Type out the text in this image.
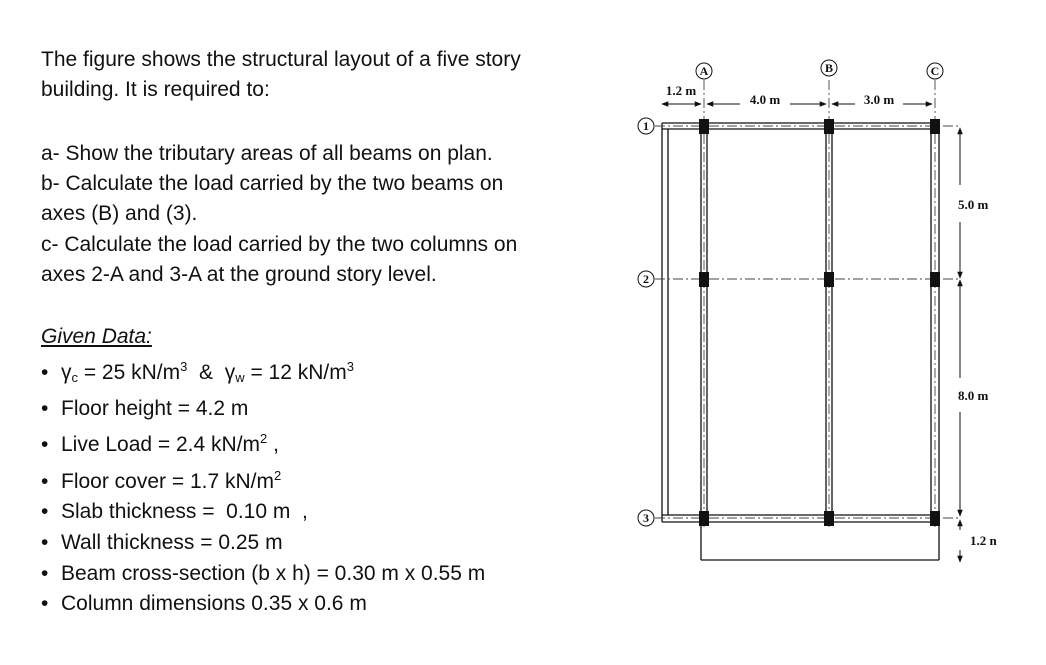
The figure shows the structural layout of a five story
building. It is required to:
a- Show the tributary areas of all beams on plan.
b- Calculate the load carried by the two beams on
axes (B) and (3).
c- Calculate the load carried by the two columns on
axes 2-A and 3-A at the ground story level.
Given Data:
• $\gamma_c = 25$ $kN/m^3$  &  $\gamma_w = 12$ $kN/m^3$
• Floor height = 4.2 m
• Live Load = 2.4 $kN/m^2$ ,
• Floor cover = 1.7 $kN/m^2$
• Slab thickness =  0.10 m  ,
• Wall thickness = 0.25 m
• Beam cross-section (b x h) = 0.30 m x 0.55 m
• Column dimensions 0.35 x 0.6 m
A	B	C
1
2
3
1.2 m
4.0 m	3.0 m
5.0 m
8.0 m
1.2 n
